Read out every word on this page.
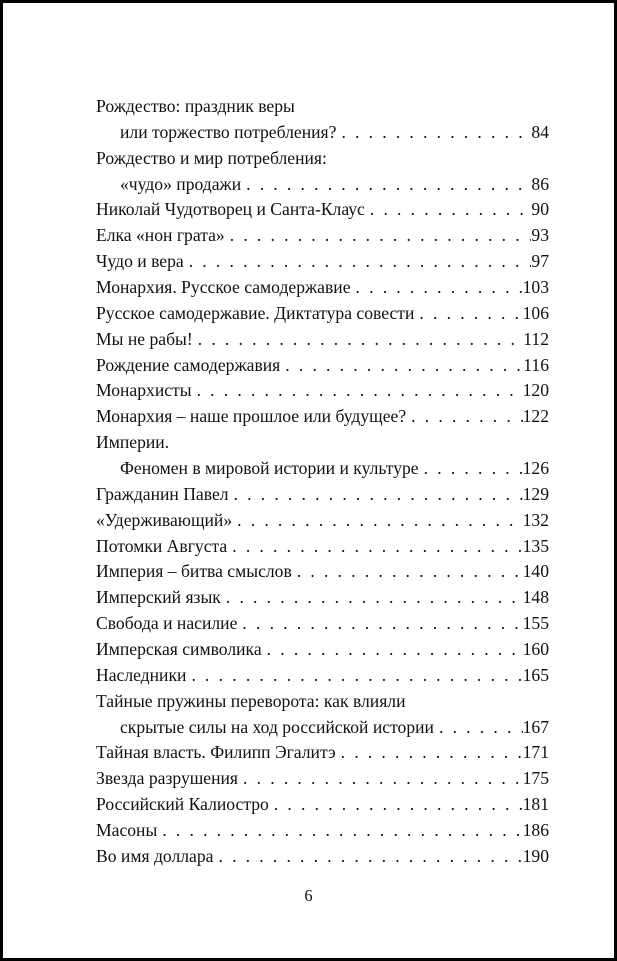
Рождество: праздник веры
или торжество потребления? . . .	84
Рождество и мир потребления:
«чудо» продажи . . .	86
Николай Чудотворец и Санта-Клаус . . .	90
Елка «нон грата» . . .	93
Чудо и вера . . .	97
Монархия. Русское самодержавие . . .	103
Русское самодержавие. Диктатура совести . . .	106
Мы не рабы! . . .	112
Рождение самодержавия . . .	116
Монархисты . . .	120
Монархия – наше прошлое или будущее? . . .	122
Империи.
Феномен в мировой истории и культуре . . .	126
Гражданин Павел . . .	129
«Удерживающий» . . .	132
Потомки Августа . . .	135
Империя – битва смыслов . . .	140
Имперский язык . . .	148
Свобода и насилие . . .	155
Имперская символика . . .	160
Наследники . . .	165
Тайные пружины переворота: как влияли
скрытые силы на ход российской истории . . .	167
Тайная власть. Филипп Эгалитэ . . .	171
Звезда разрушения . . .	175
Российский Калиостро . . .	181
Масоны . . .	186
Во имя доллара . . .	190
6
